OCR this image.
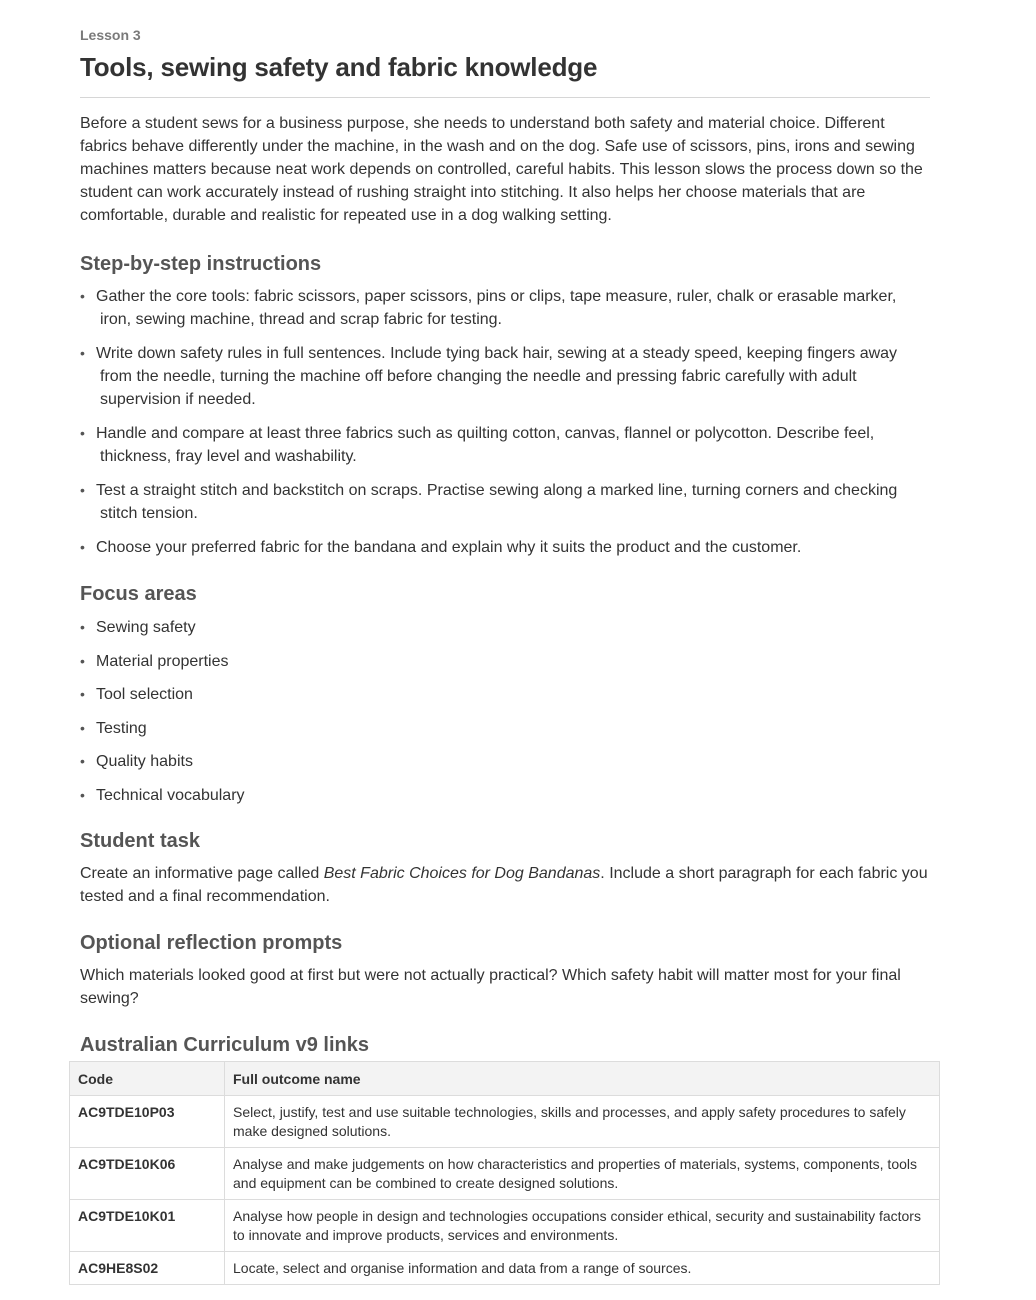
Lesson 3

Tools, sewing safety and fabric knowledge

Before a student sews for a business purpose, she needs to understand both safety and material choice. Different fabrics behave differently under the machine, in the wash and on the dog. Safe use of scissors, pins, irons and sewing machines matters because neat work depends on controlled, careful habits. This lesson slows the process down so the student can work accurately instead of rushing straight into stitching. It also helps her choose materials that are comfortable, durable and realistic for repeated use in a dog walking setting.

Step-by-step instructions
• Gather the core tools: fabric scissors, paper scissors, pins or clips, tape measure, ruler, chalk or erasable marker, iron, sewing machine, thread and scrap fabric for testing.
• Write down safety rules in full sentences. Include tying back hair, sewing at a steady speed, keeping fingers away from the needle, turning the machine off before changing the needle and pressing fabric carefully with adult supervision if needed.
• Handle and compare at least three fabrics such as quilting cotton, canvas, flannel or polycotton. Describe feel, thickness, fray level and washability.
• Test a straight stitch and backstitch on scraps. Practise sewing along a marked line, turning corners and checking stitch tension.
• Choose your preferred fabric for the bandana and explain why it suits the product and the customer.
Focus areas
• Sewing safety
• Material properties
• Tool selection
• Testing
• Quality habits
• Technical vocabulary
Student task

Create an informative page called Best Fabric Choices for Dog Bandanas. Include a short paragraph for each fabric you tested and a final recommendation.

Optional reflection prompts

Which materials looked good at first but were not actually practical? Which safety habit will matter most for your final sewing?

Australian Curriculum v9 links
Code	Full outcome name
AC9TDE10P03	Select, justify, test and use suitable technologies, skills and processes, and apply safety procedures to safely make designed solutions.
AC9TDE10K06	Analyse and make judgements on how characteristics and properties of materials, systems, components, tools and equipment can be combined to create designed solutions.
AC9TDE10K01	Analyse how people in design and technologies occupations consider ethical, security and sustainability factors to innovate and improve products, services and environments.
AC9HE8S02	Locate, select and organise information and data from a range of sources.
